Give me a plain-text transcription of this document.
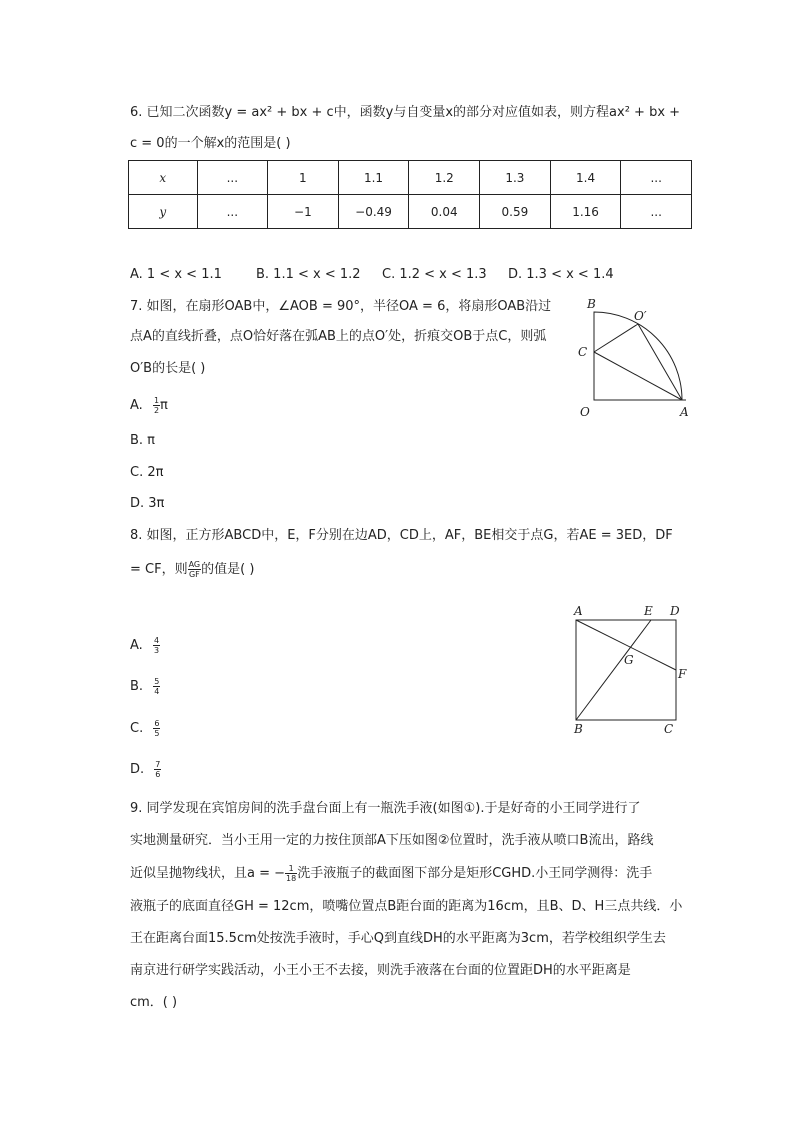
6. 已知二次函数y = ax² + bx + c中，函数y与自变量x的部分对应值如表，则方程ax² + bx +
c = 0的一个解x的范围是( )
x	...	1	1.1	1.2	1.3	1.4	...
y	...	−1	−0.49	0.04	0.59	1.16	...
A. 1 < x < 1.1	B. 1.1 < x < 1.2 C. 1.2 < x < 1.3 D. 1.3 < x < 1.4
7. 如图，在扇形OAB中，∠AOB = 90°，半径OA = 6，将扇形OAB沿过
点A的直线折叠，点O恰好落在弧AB上的点O′处，折痕交OB于点C，则弧
O′B的长是( )
A. $\frac{1}{2}$ π
B. π
C. 2π
D. 3π
B
O′
C
O	A
8. 如图，正方形ABCD中，E，F分别在边AD，CD上，AF，BE相交于点G，若AE = 3ED，DF
= CF，则 $\frac{AG}{GF}$ 的值是( )
A. $\frac{4}{3}$
B. $\frac{5}{4}$
C. $\frac{6}{5}$
D. $\frac{7}{6}$
A	E D
G
F
B	C
9. 同学发现在宾馆房间的洗手盘台面上有一瓶洗手液(如图①).于是好奇的小王同学进行了
实地测量研究．当小王用一定的力按住顶部A下压如图②位置时，洗手液从喷口B流出，路线
近似呈抛物线状，且a = − $\frac{1}{18}$ 洗手液瓶子的截面图下部分是矩形CGHD.小王同学测得：洗手
液瓶子的底面直径GH = 12cm，喷嘴位置点B距台面的距离为16cm，且B、D、H三点共线．小
王在距离台面15.5cm处按洗手液时，手心Q到直线DH的水平距离为3cm，若学校组织学生去
南京进行研学实践活动，小王小王不去接，则洗手液落在台面的位置距DH的水平距离是
cm．( )
